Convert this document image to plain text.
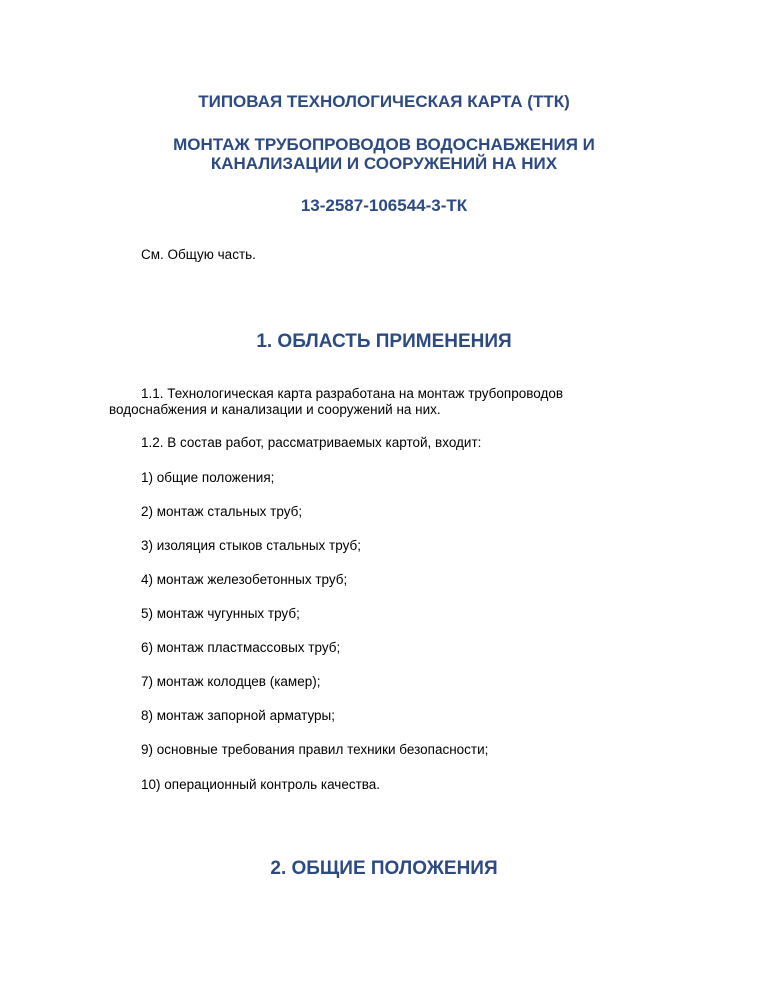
ТИПОВАЯ ТЕХНОЛОГИЧЕСКАЯ КАРТА (ТТК)
МОНТАЖ ТРУБОПРОВОДОВ ВОДОСНАБЖЕНИЯ И
КАНАЛИЗАЦИИ И СООРУЖЕНИЙ НА НИХ
13-2587-106544-3-ТК
См. Общую часть.
1. ОБЛАСТЬ ПРИМЕНЕНИЯ
1.1. Технологическая карта разработана на монтаж трубопроводов
водоснабжения и канализации и сооружений на них.
1.2. В состав работ, рассматриваемых картой, входит:
1) общие положения;
2) монтаж стальных труб;
3) изоляция стыков стальных труб;
4) монтаж железобетонных труб;
5) монтаж чугунных труб;
6) монтаж пластмассовых труб;
7) монтаж колодцев (камер);
8) монтаж запорной арматуры;
9) основные требования правил техники безопасности;
10) операционный контроль качества.
2. ОБЩИЕ ПОЛОЖЕНИЯ
